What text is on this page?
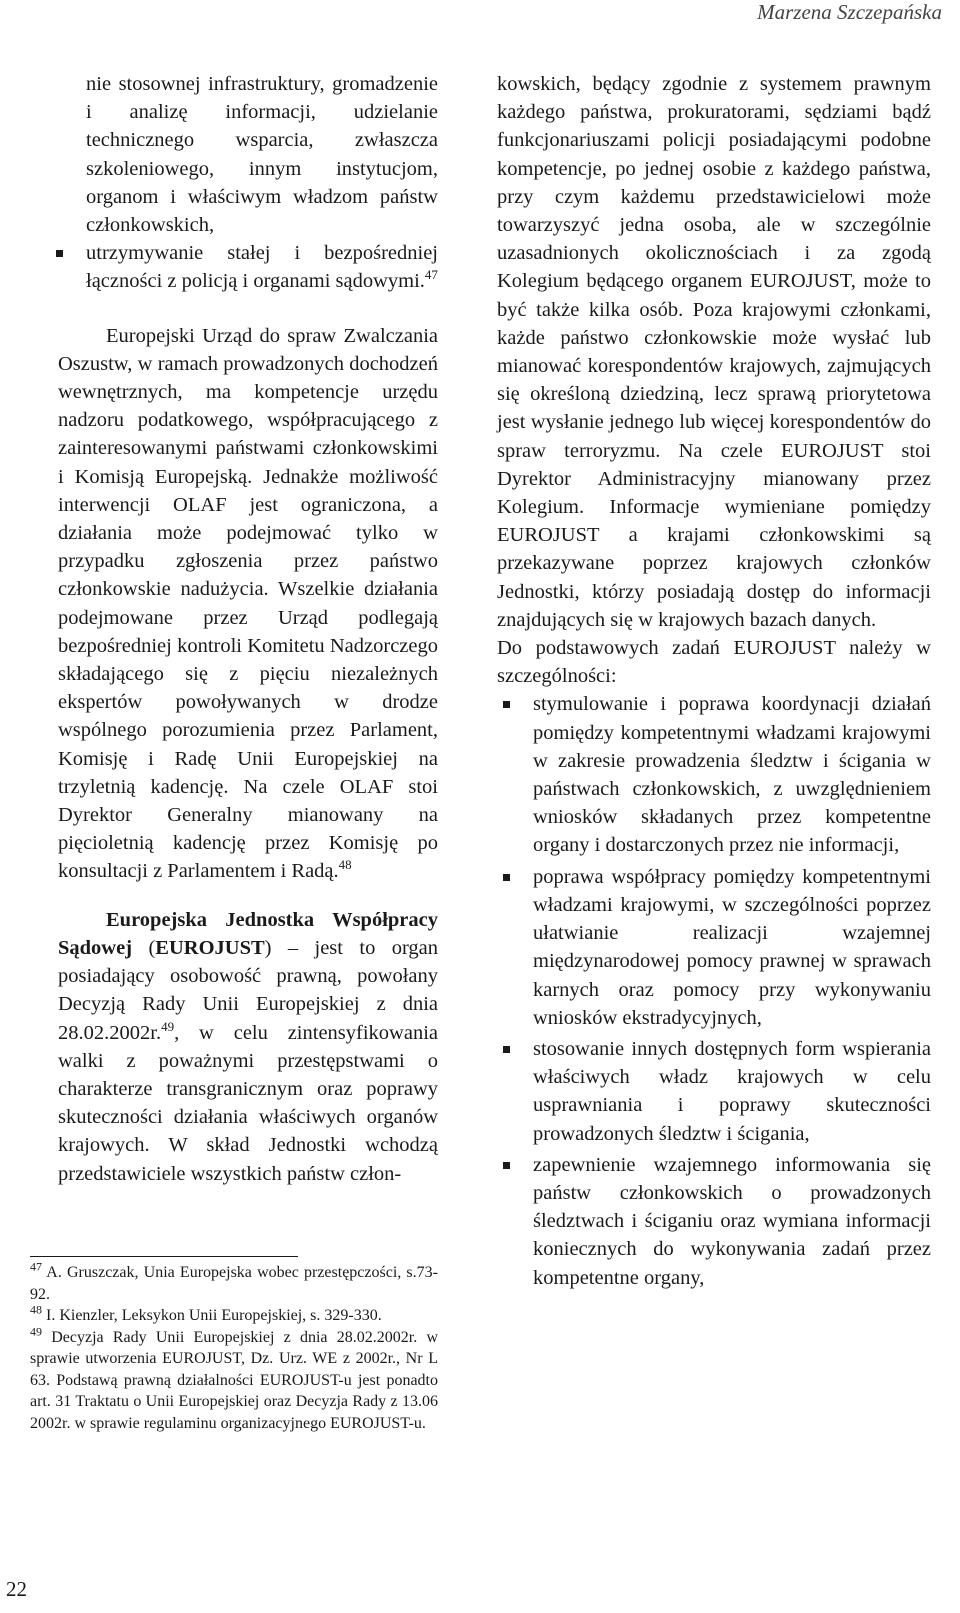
Marzena Szczepańska
nie stosownej infrastruktury, gromadzenie i analizę informacji, udzielanie technicznego wsparcia, zwłaszcza szkoleniowego, innym instytucjom, organom i właściwym władzom państw członkowskich,
utrzymywanie stałej i bezpośredniej łączności z policją i organami sądowymi.$^{47}$

Europejski Urząd do spraw Zwalczania Oszustw, w ramach prowadzonych dochodzeń wewnętrznych, ma kompetencje urzędu nadzoru podatkowego, współpracującego z zainteresowanymi państwami członkowskimi i Komisją Europejską. Jednakże możliwość interwencji OLAF jest ograniczona, a działania może podejmować tylko w przypadku zgłoszenia przez państwo członkowskie nadużycia. Wszelkie działania podejmowane przez Urząd podlegają bezpośredniej kontroli Komitetu Nadzorczego składającego się z pięciu niezależnych ekspertów powoływanych w drodze wspólnego porozumienia przez Parlament, Komisję i Radę Unii Europejskiej na trzyletnią kadencję. Na czele OLAF stoi Dyrektor Generalny mianowany na pięcioletnią kadencję przez Komisję po konsultacji z Parlamentem i Radą.$^{48}$

Europejska Jednostka Współpracy Sądowej (EUROJUST) – jest to organ posiadający osobowość prawną, powołany Decyzją Rady Unii Europejskiej z dnia 28.02.2002r.$^{49}$, w celu zintensyfikowania walki z poważnymi przestępstwami o charakterze transgranicznym oraz poprawy skuteczności działania właściwych organów krajowych. W skład Jednostki wchodzą przedstawiciele wszystkich państw człon-

kowskich, będący zgodnie z systemem prawnym każdego państwa, prokuratorami, sędziami bądź funkcjonariuszami policji posiadającymi podobne kompetencje, po jednej osobie z każdego państwa, przy czym każdemu przedstawicielowi może towarzyszyć jedna osoba, ale w szczególnie uzasadnionych okolicznościach i za zgodą Kolegium będącego organem EUROJUST, może to być także kilka osób. Poza krajowymi członkami, każde państwo członkowskie może wysłać lub mianować korespondentów krajowych, zajmujących się określoną dziedziną, lecz sprawą priorytetowa jest wysłanie jednego lub więcej korespondentów do spraw terroryzmu. Na czele EUROJUST stoi Dyrektor Administracyjny mianowany przez Kolegium. Informacje wymieniane pomiędzy EUROJUST a krajami członkowskimi są przekazywane poprzez krajowych członków Jednostki, którzy posiadają dostęp do informacji znajdujących się w krajowych bazach danych.

Do podstawowych zadań EUROJUST należy w szczególności:

stymulowanie i poprawa koordynacji działań pomiędzy kompetentnymi władzami krajowymi w zakresie prowadzenia śledztw i ścigania w państwach członkowskich, z uwzględnieniem wniosków składanych przez kompetentne organy i dostarczonych przez nie informacji,
poprawa współpracy pomiędzy kompetentnymi władzami krajowymi, w szczególności poprzez ułatwianie realizacji wzajemnej międzynarodowej pomocy prawnej w sprawach karnych oraz pomocy przy wykonywaniu wniosków ekstradycyjnych,
stosowanie innych dostępnych form wspierania właściwych władz krajowych w celu usprawniania i poprawy skuteczności prowadzonych śledztw i ścigania,
zapewnienie wzajemnego informowania się państw członkowskich o prowadzonych śledztwach i ściganiu oraz wymiana informacji koniecznych do wykonywania zadań przez kompetentne organy,

$^{47}$ A. Gruszczak, Unia Europejska wobec przestępczości, s.73-92.

$^{48}$ I. Kienzler, Leksykon Unii Europejskiej, s. 329-330.

$^{49}$ Decyzja Rady Unii Europejskiej z dnia 28.02.2002r. w sprawie utworzenia EUROJUST, Dz. Urz. WE z 2002r., Nr L 63. Podstawą prawną działalności EUROJUST-u jest ponadto art. 31 Traktatu o Unii Europejskiej oraz Decyzja Rady z 13.06 2002r. w sprawie regulaminu organizacyjnego EUROJUST-u.

22
